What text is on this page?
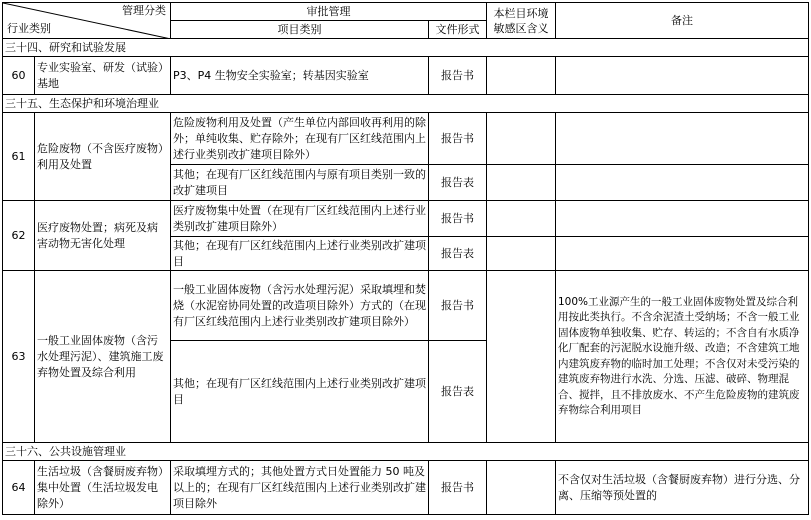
管理分类
行业类别		审批管理		本栏目环境敏感区含义	备注
		项目类别	文件形式		
三十四、研究和试验发展					
60	专业实验室、研发（试验）基地	P3、P4 生物安全实验室；转基因实验室	报告书		
三十五、生态保护和环境治理业					
61	危险废物（不含医疗废物）利用及处置	危险废物利用及处置（产生单位内部回收再利用的除外；单纯收集、贮存除外；在现有厂区红线范围内上述行业类别改扩建项目除外）	报告书		
		其他；在现有厂区红线范围内与原有项目类别一致的改扩建项目	报告表		
62	医疗废物处置；病死及病害动物无害化处理	医疗废物集中处置（在现有厂区红线范围内上述行业类别改扩建项目除外）	报告书		
		其他；在现有厂区红线范围内上述行业类别改扩建项目	报告表		
63	一般工业固体废物（含污水处理污泥）、建筑施工废弃物处置及综合利用	一般工业固体废物（含污水处理污泥）采取填埋和焚烧（水泥窑协同处置的改造项目除外）方式的（在现有厂区红线范围内上述行业类别改扩建项目除外）	报告书		100%工业源产生的一般工业固体废物处置及综合利用按此类执行。不含余泥渣土受纳场；不含一般工业固体废物单独收集、贮存、转运的；不含自有水质净化厂配套的污泥脱水设施升级、改造；不含建筑工地内建筑废弃物的临时加工处理；不含仅对未受污染的建筑废弃物进行水洗、分选、压滤、破碎、物理混合、搅拌，且不排放废水、不产生危险废物的建筑废弃物综合利用项目
		其他；在现有厂区红线范围内上述行业类别改扩建项目	报告表		
三十六、公共设施管理业					
64	生活垃圾（含餐厨废弃物）集中处置（生活垃圾发电除外）	采取填埋方式的；其他处置方式日处置能力 50 吨及以上的；在现有厂区红线范围内上述行业类别改扩建项目除外	报告书		不含仅对生活垃圾（含餐厨废弃物）进行分选、分离、压缩等预处置的
